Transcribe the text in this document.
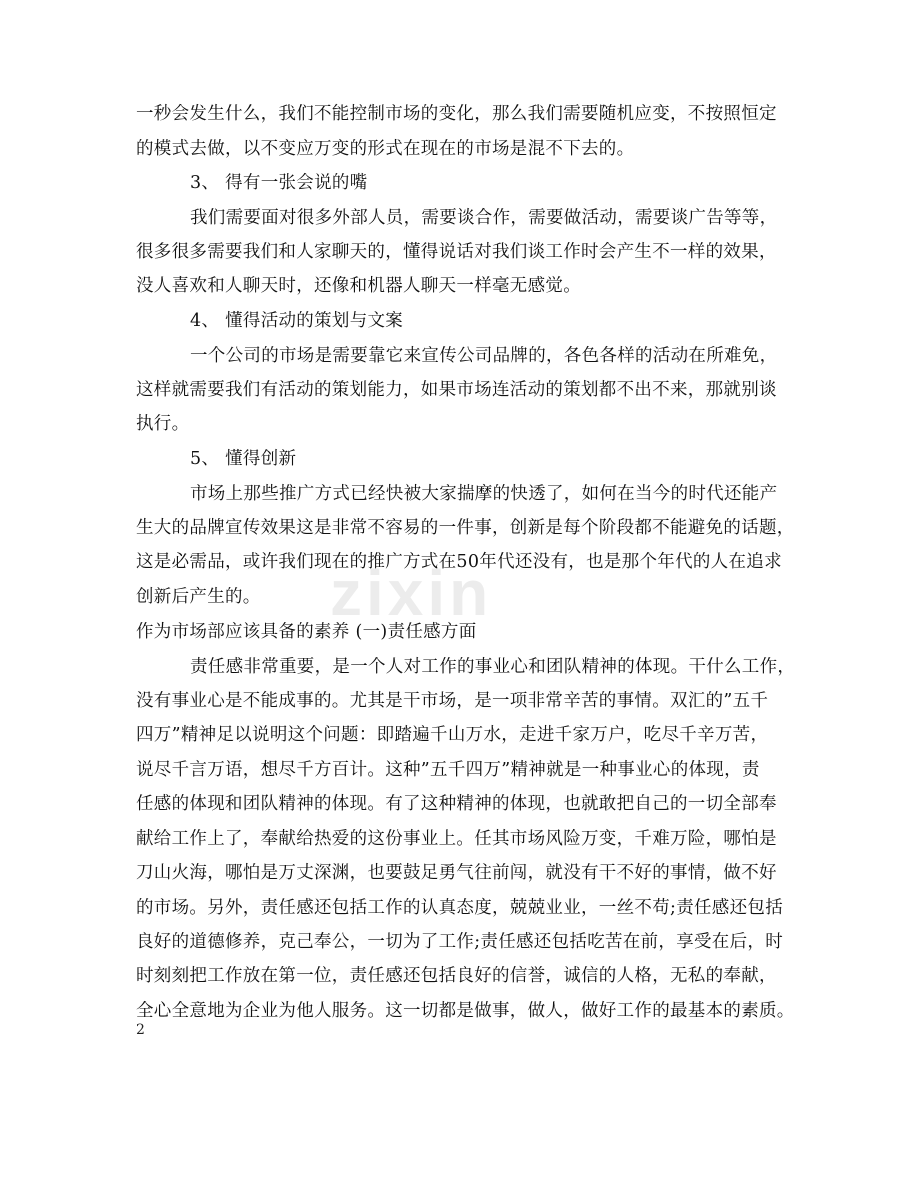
zixin
一秒会发生什么，我们不能控制市场的变化，那么我们需要随机应变，不按照恒定
的模式去做，以不变应万变的形式在现在的市场是混不下去的。
3、 得有一张会说的嘴
我们需要面对很多外部人员，需要谈合作，需要做活动，需要谈广告等等，
很多很多需要我们和人家聊天的，懂得说话对我们谈工作时会产生不一样的效果，
没人喜欢和人聊天时，还像和机器人聊天一样毫无感觉。
4、 懂得活动的策划与文案
一个公司的市场是需要靠它来宣传公司品牌的，各色各样的活动在所难免，
这样就需要我们有活动的策划能力，如果市场连活动的策划都不出不来，那就别谈
执行。
5、 懂得创新
市场上那些推广方式已经快被大家揣摩的快透了，如何在当今的时代还能产
生大的品牌宣传效果这是非常不容易的一件事，创新是每个阶段都不能避免的话题，
这是必需品，或许我们现在的推广方式在50年代还没有，也是那个年代的人在追求
创新后产生的。
作为市场部应该具备的素养 (一)责任感方面
责任感非常重要，是一个人对工作的事业心和团队精神的体现。干什么工作，
没有事业心是不能成事的。尤其是干市场，是一项非常辛苦的事情。双汇的”五千
四万”精神足以说明这个问题：即踏遍千山万水，走进千家万户，吃尽千辛万苦，
说尽千言万语，想尽千方百计。这种”五千四万”精神就是一种事业心的体现，责
任感的体现和团队精神的体现。有了这种精神的体现，也就敢把自己的一切全部奉
献给工作上了，奉献给热爱的这份事业上。任其市场风险万变，千难万险，哪怕是
刀山火海，哪怕是万丈深渊，也要鼓足勇气往前闯，就没有干不好的事情，做不好
的市场。另外，责任感还包括工作的认真态度，兢兢业业，一丝不苟;责任感还包括
良好的道德修养，克己奉公，一切为了工作;责任感还包括吃苦在前，享受在后，时
时刻刻把工作放在第一位，责任感还包括良好的信誉，诚信的人格，无私的奉献，
全心全意地为企业为他人服务。这一切都是做事，做人，做好工作的最基本的素质。
2
